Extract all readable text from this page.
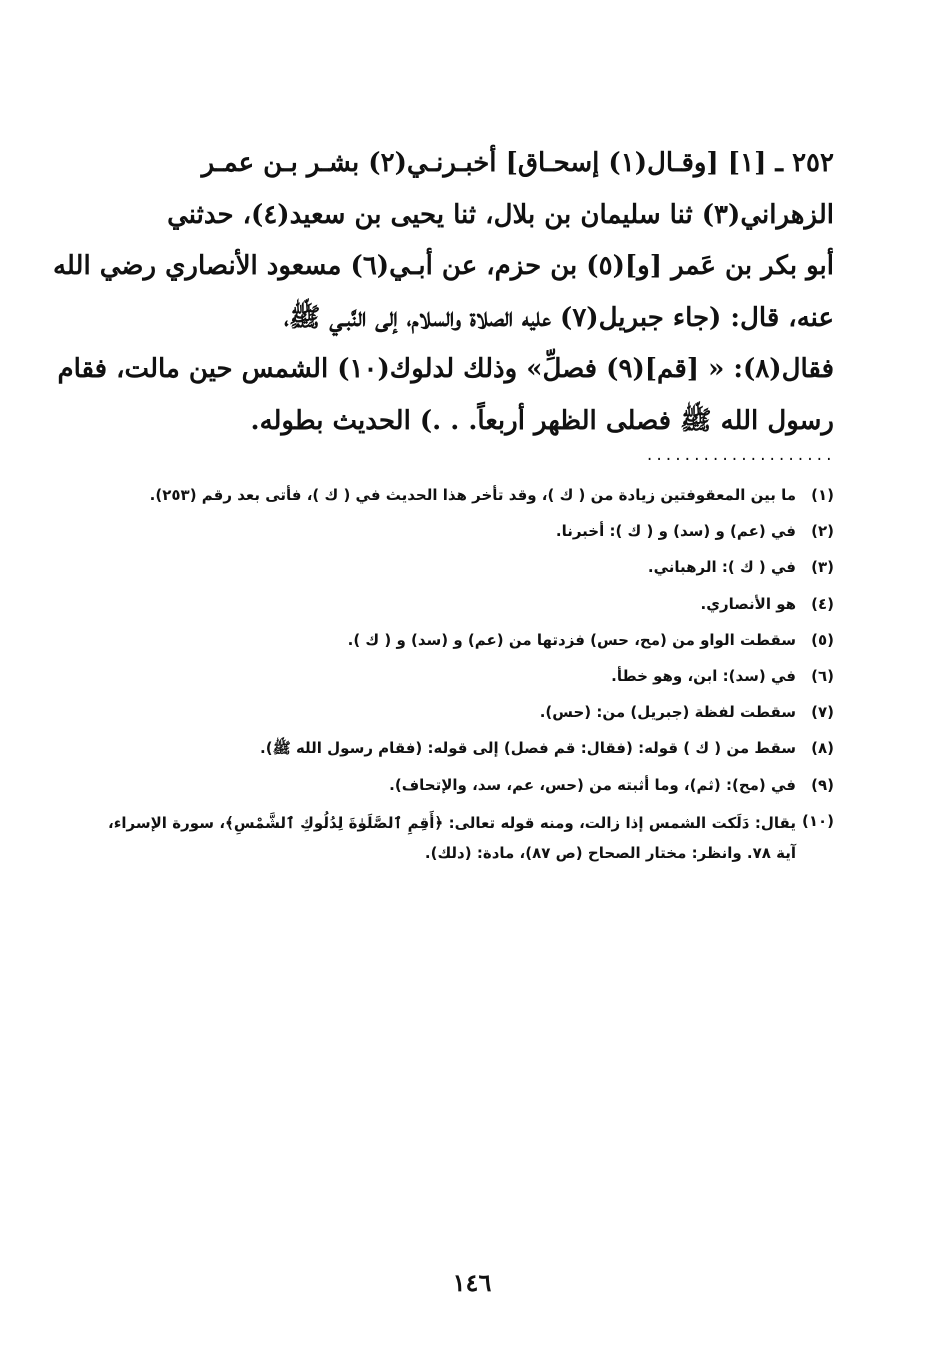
٢٥٢ ـ [١] [وقـال(١) إسحـاق] أخبـرنـي(٢) بشـر بـن عمـر
الزهراني(٣) ثنا سليمان بن بلال، ثنا يحيى بن سعيد(٤)، حدثني
أبو بكر بن عَمر [و](٥) بن حزم، عن أبـي(٦) مسعود الأنصاري رضي الله
عنه، قال: (جاء جبريل(٧) عليه الصلاة والسلام، إلى النَّبـي ﷺ،
فقال(٨): « [قم](٩) فصلِّ» وذلك لدلوك(١٠) الشمس حين مالت، فقام
رسول الله ﷺ فصلى الظهر أربعاً. . .) الحديث بطوله.
....................
(١)
ما بين المعقوفتين زيادة من ( ك )، وقد تأخر هذا الحديث في ( ك )، فأتى بعد رقم (٢٥٣).
(٢)
في (عم) و (سد) و ( ك ): أخبرنا.
(٣)
في ( ك ): الرهباني.
(٤)
هو الأنصاري.
(٥)
سقطت الواو من (مح، حس) فزدتها من (عم) و (سد) و ( ك ).
(٦)
في (سد): ابن، وهو خطأ.
(٧)
سقطت لفظة (جبريل) من: (حس).
(٨)
سقط من ( ك ) قوله: (فقال: قم فصل) إلى قوله: (فقام رسول الله ﷺ).
(٩)
في (مح): (ثم)، وما أثبته من (حس، عم، سد، والإتحاف).
(١٠)
يقال: دَلَكت الشمس إذا زالت، ومنه قوله تعالى: ﴿أَقِمِ ٱلصَّلَوٰةَ لِدُلُوكِ ٱلشَّمْسِ﴾، سورة الإسراء، آية ٧٨. وانظر: مختار الصحاح (ص ٨٧)، مادة: (دلك).
١٤٦
